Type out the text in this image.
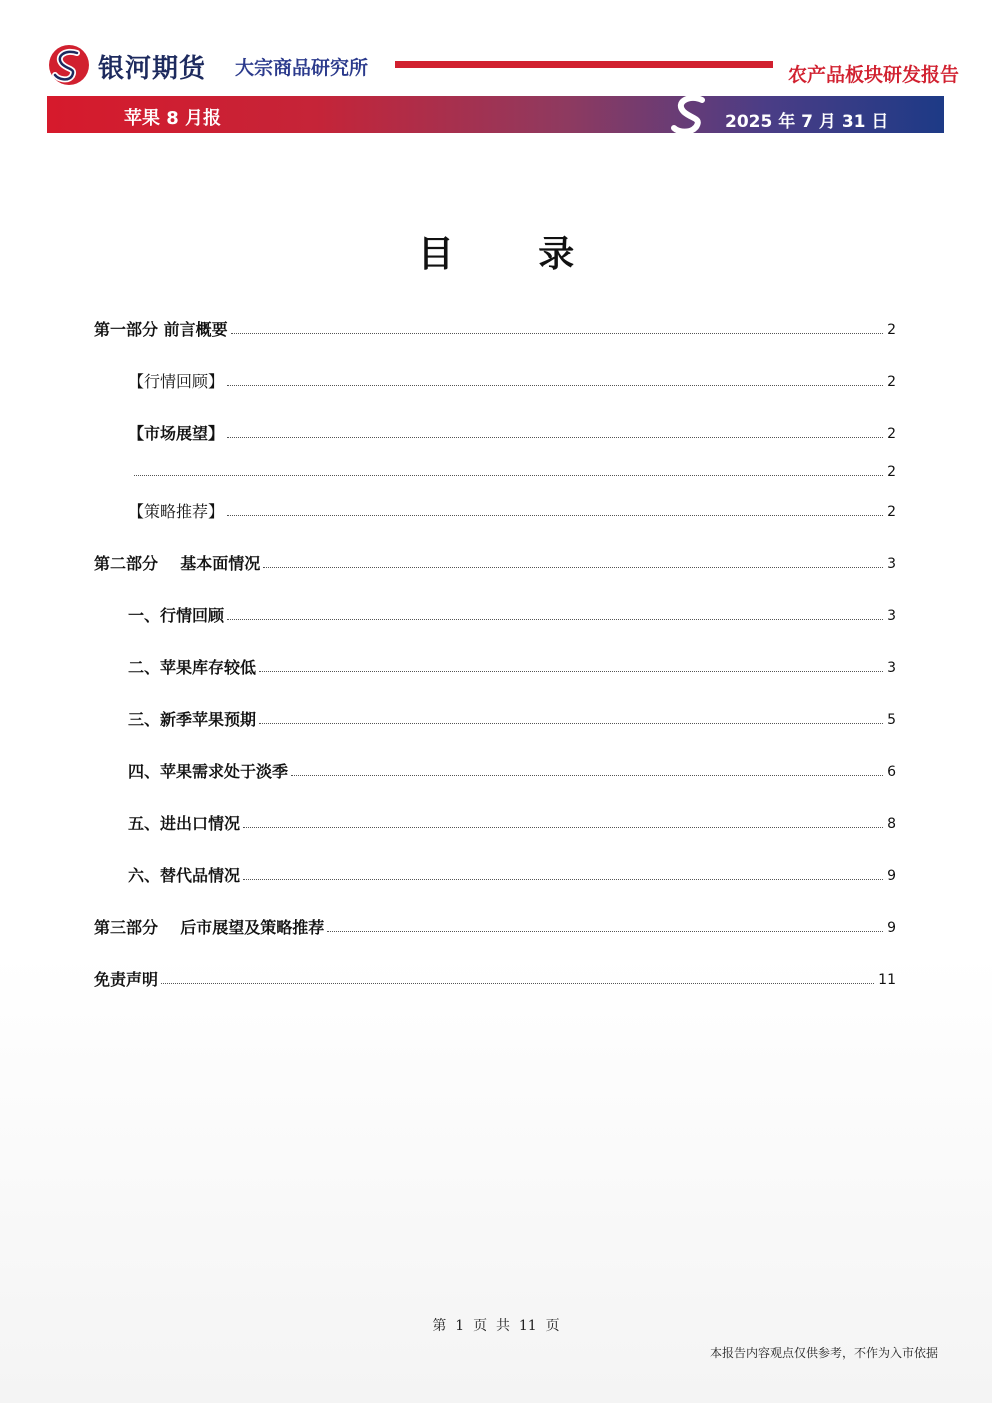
银河期货 大宗商品研究所	农产品板块研发报告
苹果 8 月报	2025 年 7 月 31 日
目 录
第一部分 前言概要	2
【行情回顾】	2
【市场展望】	2
2
【策略推荐】	2
第二部分    基本面情况	3
一、行情回顾	3
二、苹果库存较低	3
三、新季苹果预期	5
四、苹果需求处于淡季	6
五、进出口情况	8
六、替代品情况	9
第三部分    后市展望及策略推荐	9
免责声明	11
第  1  页  共  11  页
本报告内容观点仅供参考，不作为入市依据
